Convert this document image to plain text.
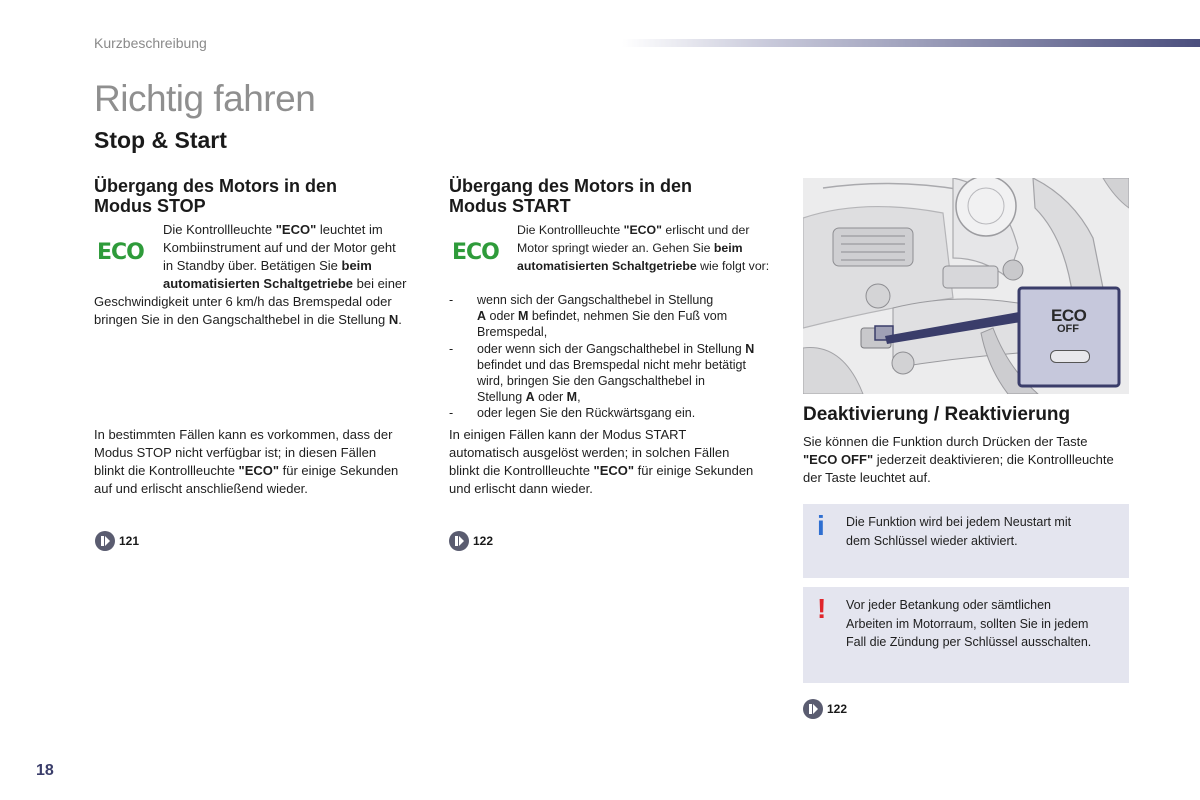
Kurzbeschreibung
Richtig fahren
Stop & Start
Übergang des Motors in den
Modus STOP
ECO
Die Kontrollleuchte "ECO" leuchtet im
Kombiinstrument auf und der Motor geht
in Standby über. Betätigen Sie beim
automatisierten Schaltgetriebe bei einer
Geschwindigkeit unter 6 km/h das Bremspedal oder
bringen Sie in den Gangschalthebel in die Stellung N.
In bestimmten Fällen kann es vorkommen, dass der
Modus STOP nicht verfügbar ist; in diesen Fällen
blinkt die Kontrollleuchte "ECO" für einige Sekunden
auf und erlischt anschließend wieder.
121
Übergang des Motors in den
Modus START
ECO
Die Kontrollleuchte "ECO" erlischt und der
Motor springt wieder an. Gehen Sie beim
automatisierten Schaltgetriebe wie folgt vor:
- wenn sich der Gangschalthebel in Stellung
A oder M befindet, nehmen Sie den Fuß vom
Bremspedal,
- oder wenn sich der Gangschalthebel in Stellung N
befindet und das Bremspedal nicht mehr betätigt
wird, bringen Sie den Gangschalthebel in
Stellung A oder M,
- oder legen Sie den Rückwärtsgang ein.
In einigen Fällen kann der Modus START
automatisch ausgelöst werden; in solchen Fällen
blinkt die Kontrollleuchte "ECO" für einige Sekunden
und erlischt dann wieder.
122
ECO
OFF
Deaktivierung / Reaktivierung
Sie können die Funktion durch Drücken der Taste
"ECO OFF" jederzeit deaktivieren; die Kontrollleuchte
der Taste leuchtet auf.
i Die Funktion wird bei jedem Neustart mit
dem Schlüssel wieder aktiviert.
! Vor jeder Betankung oder sämtlichen
Arbeiten im Motorraum, sollten Sie in jedem
Fall die Zündung per Schlüssel ausschalten.
122
18
